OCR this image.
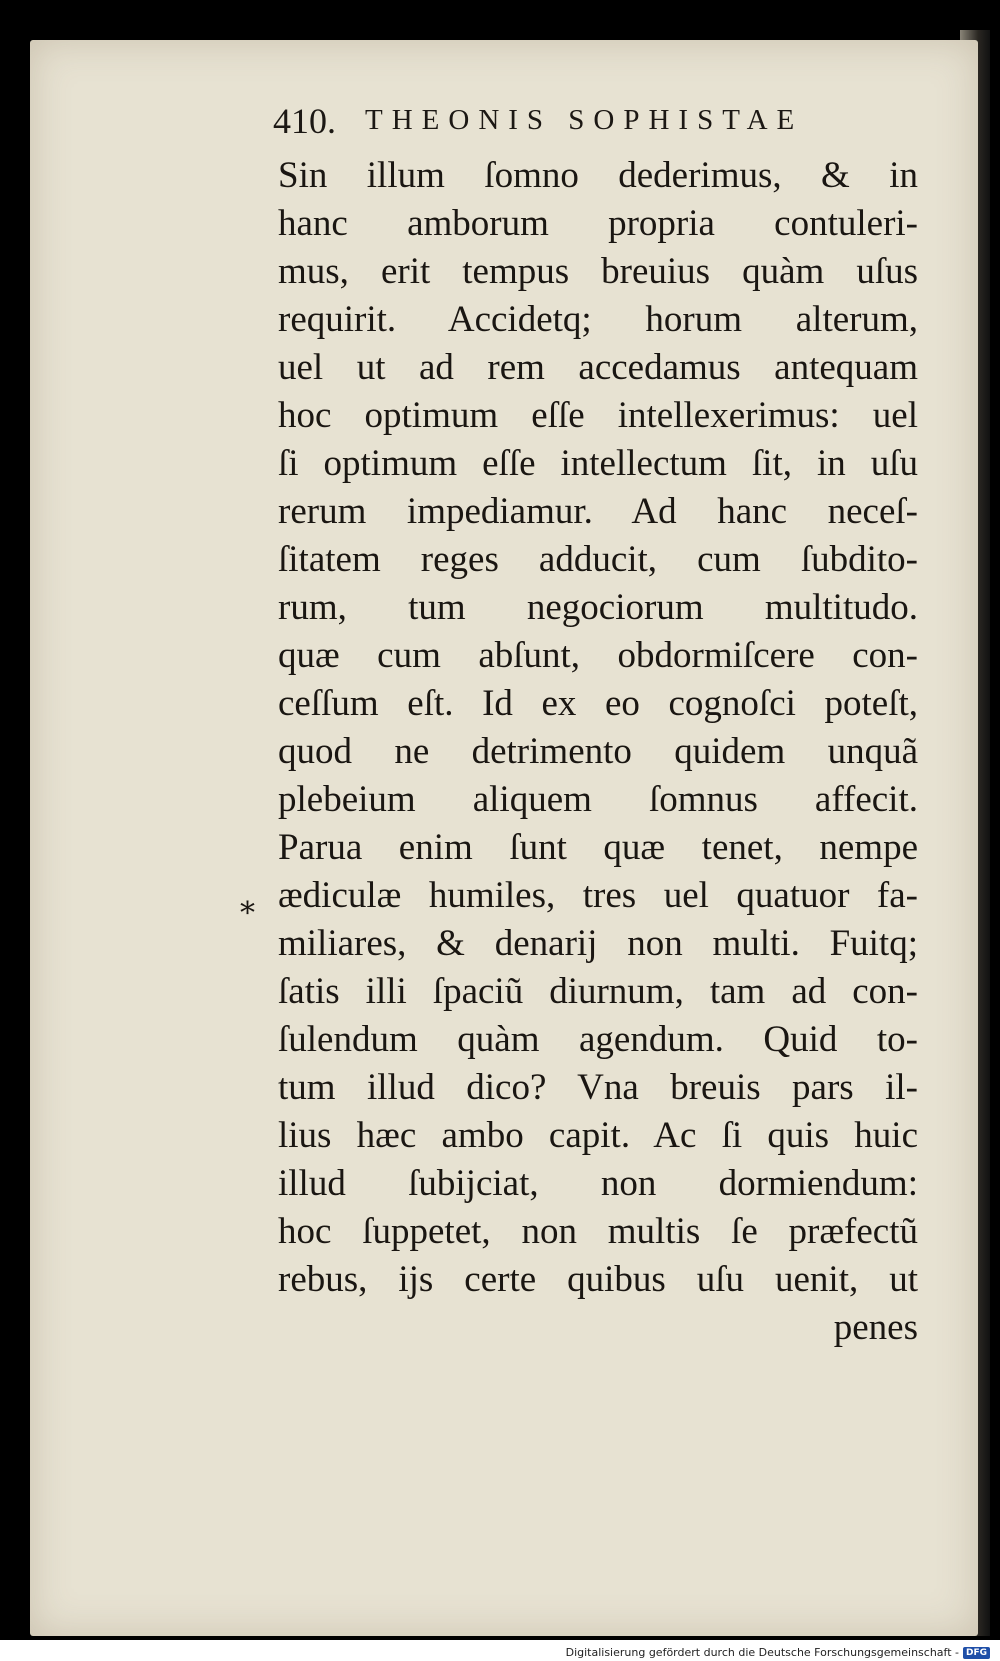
410. THEONIS SOPHISTAE
*
Sin illum ſomno dederimus, & in
hanc amborum propria contuleri-
mus, erit tempus breuius quàm uſus
requirit. Accidetq; horum alterum,
uel ut ad rem accedamus antequam
hoc optimum eſſe intellexerimus: uel
ſi optimum eſſe intellectum ſit, in uſu
rerum impediamur. Ad hanc neceſ-
ſitatem reges adducit, cum ſubdito-
rum, tum negociorum multitudo.
quæ cum abſunt, obdormiſcere con-
ceſſum eſt. Id ex eo cognoſci poteſt,
quod ne detrimento quidem unquã
plebeium aliquem ſomnus affecit.
Parua enim ſunt quæ tenet, nempe
ædiculæ humiles, tres uel quatuor fa-
miliares, & denarij non multi. Fuitq;
ſatis illi ſpaciũ diurnum, tam ad con-
ſulendum quàm agendum. Quid to-
tum illud dico? Vna breuis pars il-
lius hæc ambo capit. Ac ſi quis huic
illud ſubijciat, non dormiendum:
hoc ſuppetet, non multis ſe præfectũ
rebus, ijs certe quibus uſu uenit, ut
penes
Digitalisierung gefördert durch die Deutsche Forschungsgemeinschaft - DFG
